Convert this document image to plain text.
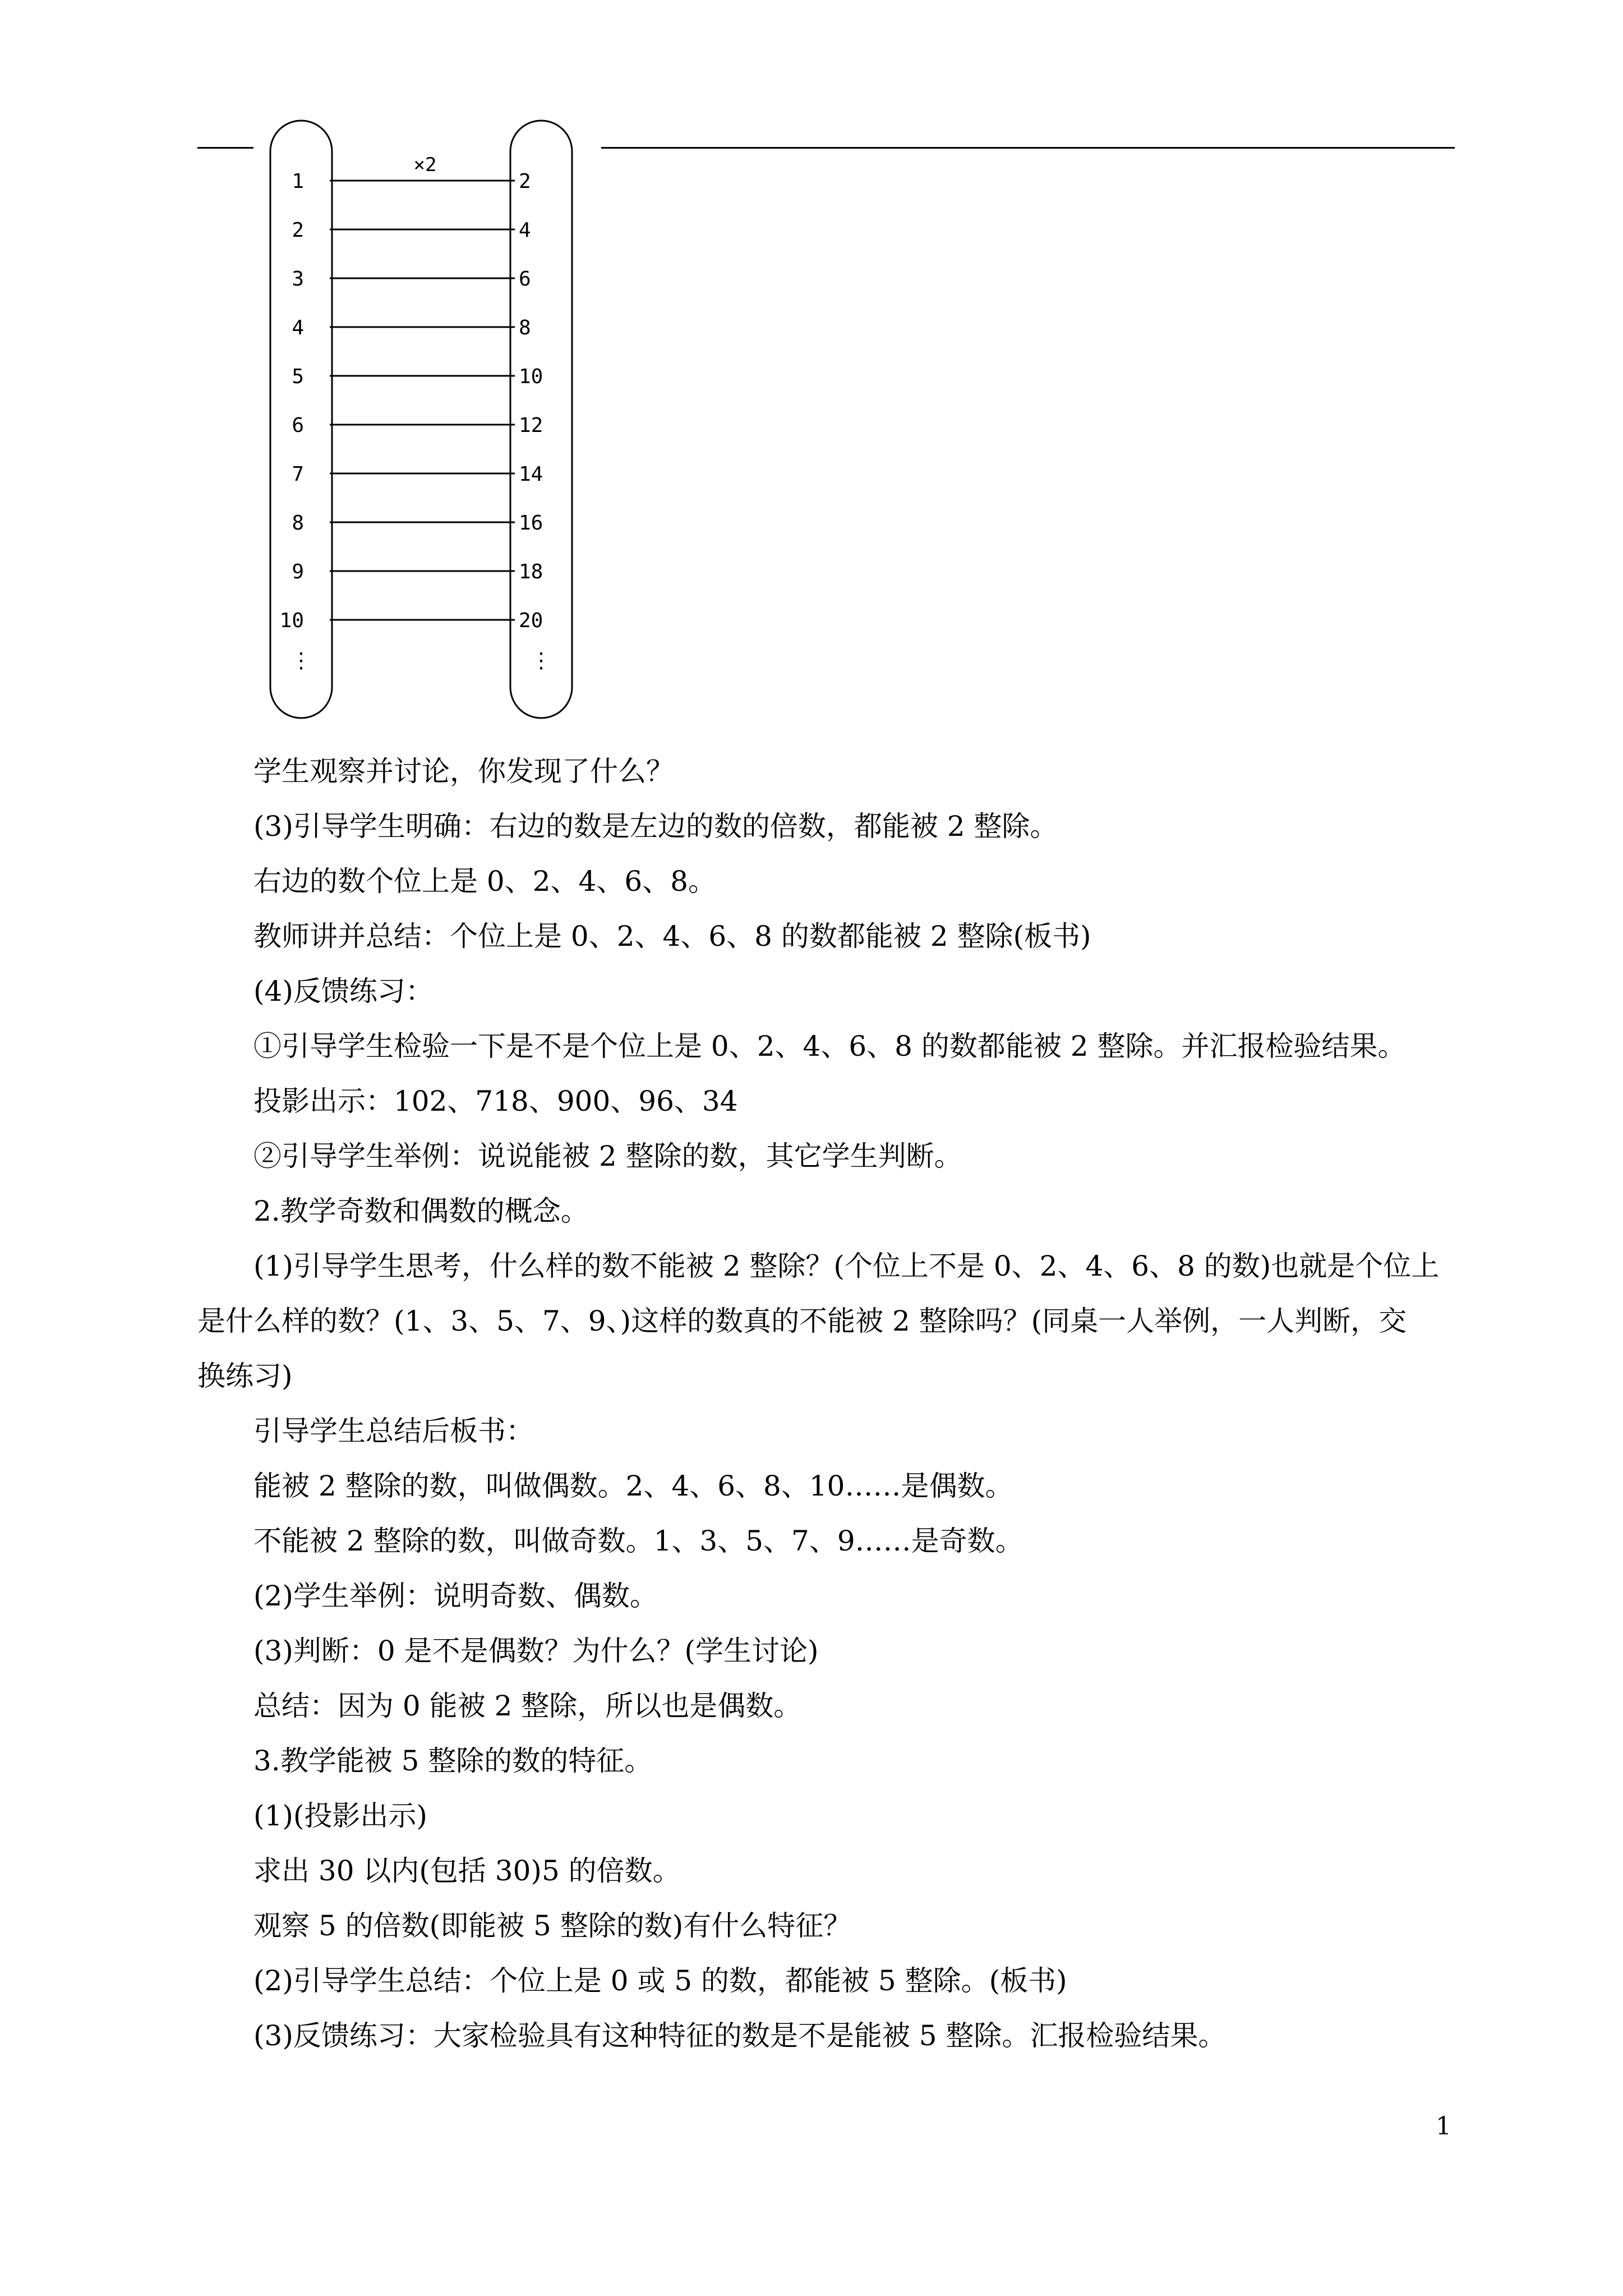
×2
1	2
2	4
3	6
4	8
5	10
6	12
7	14
8	16
9	18
10	20
⋮	⋮
学生观察并讨论，你发现了什么？
(3)引导学生明确：右边的数是左边的数的倍数，都能被 2 整除。
右边的数个位上是 0、2、4、6、8。
教师讲并总结：个位上是 0、2、4、6、8 的数都能被 2 整除(板书)
(4)反馈练习：
①引导学生检验一下是不是个位上是 0、2、4、6、8 的数都能被 2 整除。并汇报检验结果。
投影出示：102、718、900、96、34
②引导学生举例：说说能被 2 整除的数，其它学生判断。
2.教学奇数和偶数的概念。
(1)引导学生思考，什么样的数不能被 2 整除？(个位上不是 0、2、4、6、8 的数)也就是个位上
是什么样的数？(1、3、5、7、9、)这样的数真的不能被 2 整除吗？(同桌一人举例，一人判断，交
换练习)
引导学生总结后板书：
能被 2 整除的数，叫做偶数。2、4、6、8、10……是偶数。
不能被 2 整除的数，叫做奇数。1、3、5、7、9……是奇数。
(2)学生举例：说明奇数、偶数。
(3)判断：0 是不是偶数？为什么？(学生讨论)
总结：因为 0 能被 2 整除，所以也是偶数。
3.教学能被 5 整除的数的特征。
(1)(投影出示)
求出 30 以内(包括 30)5 的倍数。
观察 5 的倍数(即能被 5 整除的数)有什么特征？
(2)引导学生总结：个位上是 0 或 5 的数，都能被 5 整除。(板书)
(3)反馈练习：大家检验具有这种特征的数是不是能被 5 整除。汇报检验结果。
1
